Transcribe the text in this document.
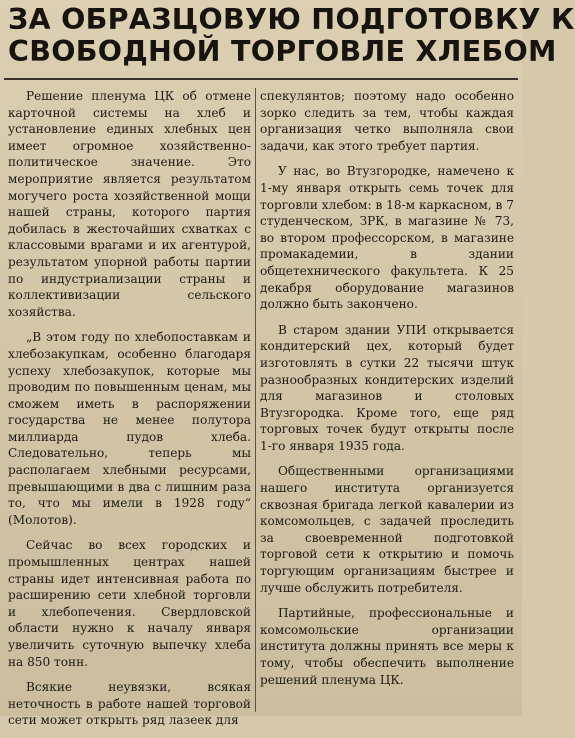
ЗА ОБРАЗЦОВУЮ ПОДГОТОВКУ К
СВОБОДНОЙ ТОРГОВЛЕ ХЛЕБОМ

Решение пленума ЦК об отмене карточной системы на хлеб и установление единых хлебных цен имеет огромное хозяйственно-политическое значение. Это мероприятие является результатом могучего роста хозяйственной мощи нашей страны, которого партия добилась в жесточайших схватках с классовыми врагами и их агентурой, результатом упорной работы партии по индустриализации страны и коллективизации сельского хозяйства.

„В этом году по хлебопоставкам и хлебозакупкам, особенно благодаря успеху хлебозакупок, которые мы проводим по повышенным ценам, мы сможем иметь в распоряжении государства не менее полутора миллиарда пудов хлеба. Следовательно, теперь мы располагаем хлебными ресурсами, превышающими в два с лишним раза то, что мы имели в 1928 году“ (Молотов).

Сейчас во всех городских и промышленных центрах нашей страны идет интенсивная работа по расширению сети хлебной торговли и хлебопечения. Свердловской области нужно к началу января увеличить суточную выпечку хлеба на 850 тонн.

Всякие неувязки, всякая неточность в работе нашей торговой сети может открыть ряд лазеек для

спекулянтов; поэтому надо особенно зорко следить за тем, чтобы каждая организация четко выполняла свои задачи, как этого требует партия.

У нас, во Втузгородке, намечено к 1-му января открыть семь точек для торговли хлебом: в 18-м каркасном, в 7 студенческом, ЗРК, в магазине № 73, во втором профессорском, в магазине промакадемии, в здании общетехнического факультета. К 25 декабря оборудование магазинов должно быть закончено.

В старом здании УПИ открывается кондитерский цех, который будет изготовлять в сутки 22 тысячи штук разнообразных кондитерских изделий для магазинов и столовых Втузгородка. Кроме того, еще ряд торговых точек будут открыты после 1-го января 1935 года.

Общественными организациями нашего института организуется сквозная бригада легкой кавалерии из комсомольцев, с задачей проследить за своевременной подготовкой торговой сети к открытию и помочь торгующим организациям быстрее и лучше обслужить потребителя.

Партийные, профессиональные и комсомольские организации института должны принять все меры к тому, чтобы обеспечить выполнение решений пленума ЦК.
